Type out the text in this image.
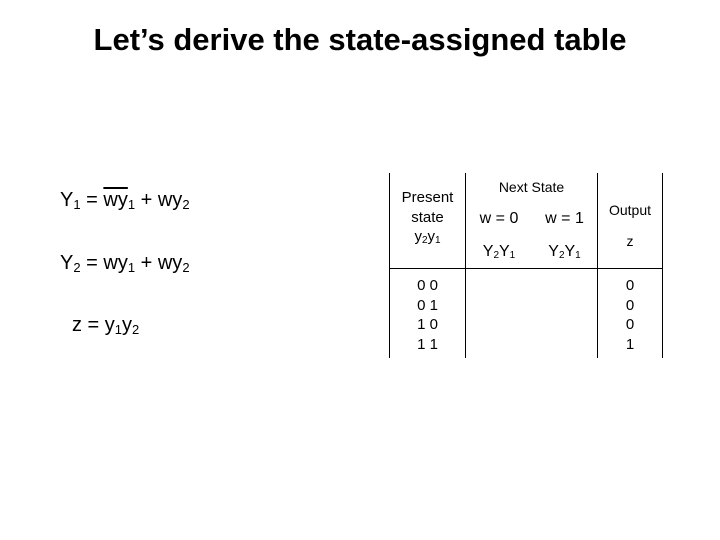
Let’s derive the state-assigned table
$Y_1 = \overline{wy}_1 + wy_2$
$Y_2 = wy_1 + wy_2$
$z = y_1y_2$
Present
state
$y_2y_1$
Next State
w = 0	w = 1
$Y_2Y_1$	$Y_2Y_1$
Output
z
0 0
0 1
1 0
1 1
0
0
0
1
